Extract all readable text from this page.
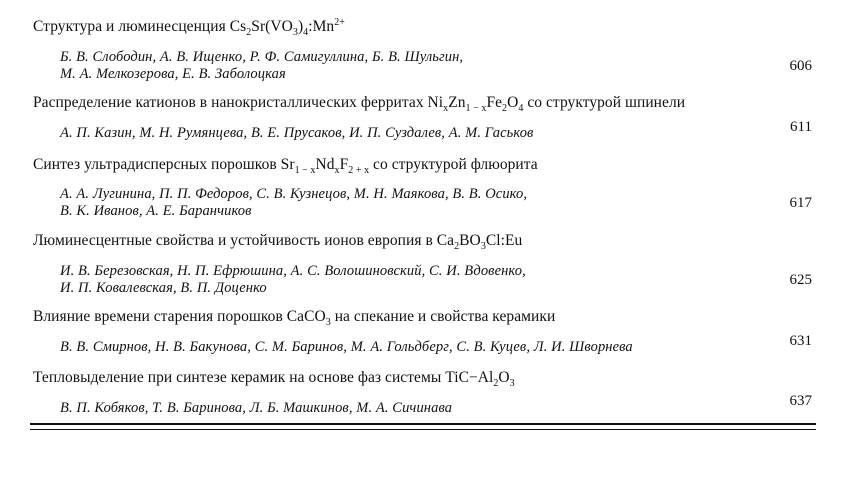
Структура и люминесценция $Cs_2Sr(VO_3)_4:Mn^{2+}$
Б. В. Слободин, А. В. Ищенко, Р. Ф. Самигуллина, Б. В. Шульгин,
М. А. Мелкозерова, Е. В. Заболоцкая	606
Распределение катионов в нанокристаллических ферритах $Ni_xZn_{1 - x}Fe_2O_4$ со структурой шпинели
А. П. Казин, М. Н. Румянцева, В. Е. Прусаков, И. П. Суздалев, А. М. Гаськов	611
Синтез ультрадисперсных порошков $Sr_{1 - x}Nd_xF_{2 + x}$ со структурой флюорита
А. А. Лугинина, П. П. Федоров, С. В. Кузнецов, М. Н. Маякова, В. В. Осико,
В. К. Иванов, А. Е. Баранчиков	617
Люминесцентные свойства и устойчивость ионов европия в $Ca_2BO_3Cl:Eu$
И. В. Березовская, Н. П. Ефрюшина, А. С. Волошиновский, С. И. Вдовенко,
И. П. Ковалевская, В. П. Доценко	625
Влияние времени старения порошков CaCO$_3$ на спекание и свойства керамики
В. В. Смирнов, Н. В. Бакунова, С. М. Баринов, М. А. Гольдберг, С. В. Куцев, Л. И. Шворнева	631
Тепловыделение при синтезе керамик на основе фаз системы $TiC-Al_2O_3$
В. П. Кобяков, Т. В. Баринова, Л. Б. Машкинов, М. А. Сичинава	637
